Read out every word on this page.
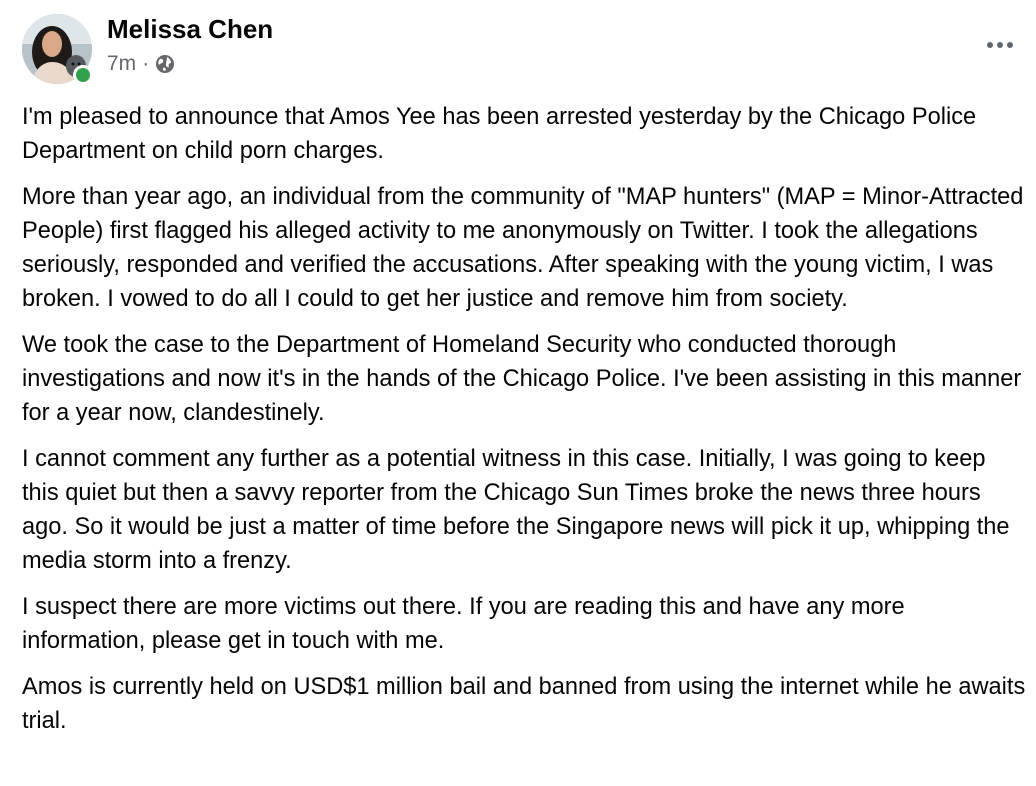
Melissa Chen
7m ·

I'm pleased to announce that Amos Yee has been arrested yesterday by the Chicago Police Department on child porn charges.

More than year ago, an individual from the community of "MAP hunters" (MAP = Minor-Attracted People) first flagged his alleged activity to me anonymously on Twitter. I took the allegations seriously, responded and verified the accusations. After speaking with the young victim, I was broken. I vowed to do all I could to get her justice and remove him from society.

We took the case to the Department of Homeland Security who conducted thorough investigations and now it's in the hands of the Chicago Police. I've been assisting in this manner for a year now, clandestinely.

I cannot comment any further as a potential witness in this case. Initially, I was going to keep this quiet but then a savvy reporter from the Chicago Sun Times broke the news three hours ago. So it would be just a matter of time before the Singapore news will pick it up, whipping the media storm into a frenzy.

I suspect there are more victims out there. If you are reading this and have any more information, please get in touch with me.

Amos is currently held on USD$1 million bail and banned from using the internet while he awaits trial.
